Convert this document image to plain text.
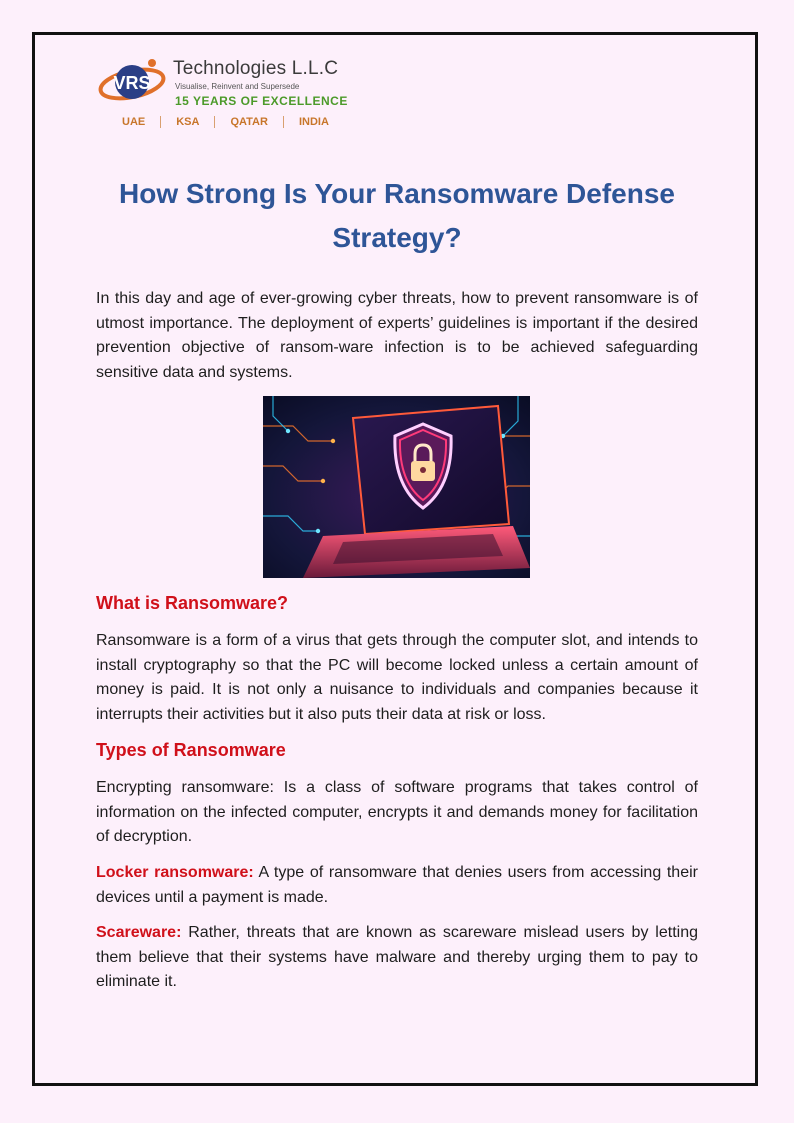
VRS
Technologies L.L.C
Visualise, Reinvent and Supersede
15 YEARS OF EXCELLENCE
UAE	KSA	QATAR	INDIA
How Strong Is Your Ransomware Defense Strategy?

In this day and age of ever-growing cyber threats, how to prevent ransomware is of utmost importance. The deployment of experts’ guidelines is important if the desired prevention objective of ransom-ware infection is to be achieved safeguarding sensitive data and systems.

What is Ransomware?

Ransomware is a form of a virus that gets through the computer slot, and intends to install cryptography so that the PC will become locked unless a certain amount of money is paid. It is not only a nuisance to individuals and companies because it interrupts their activities but it also puts their data at risk or loss.

Types of Ransomware

Encrypting ransomware: Is a class of software programs that takes control of information on the infected computer, encrypts it and demands money for facilitation of decryption.

Locker ransomware: A type of ransomware that denies users from accessing their devices until a payment is made.

Scareware: Rather, threats that are known as scareware mislead users by letting them believe that their systems have malware and thereby urging them to pay to eliminate it.
